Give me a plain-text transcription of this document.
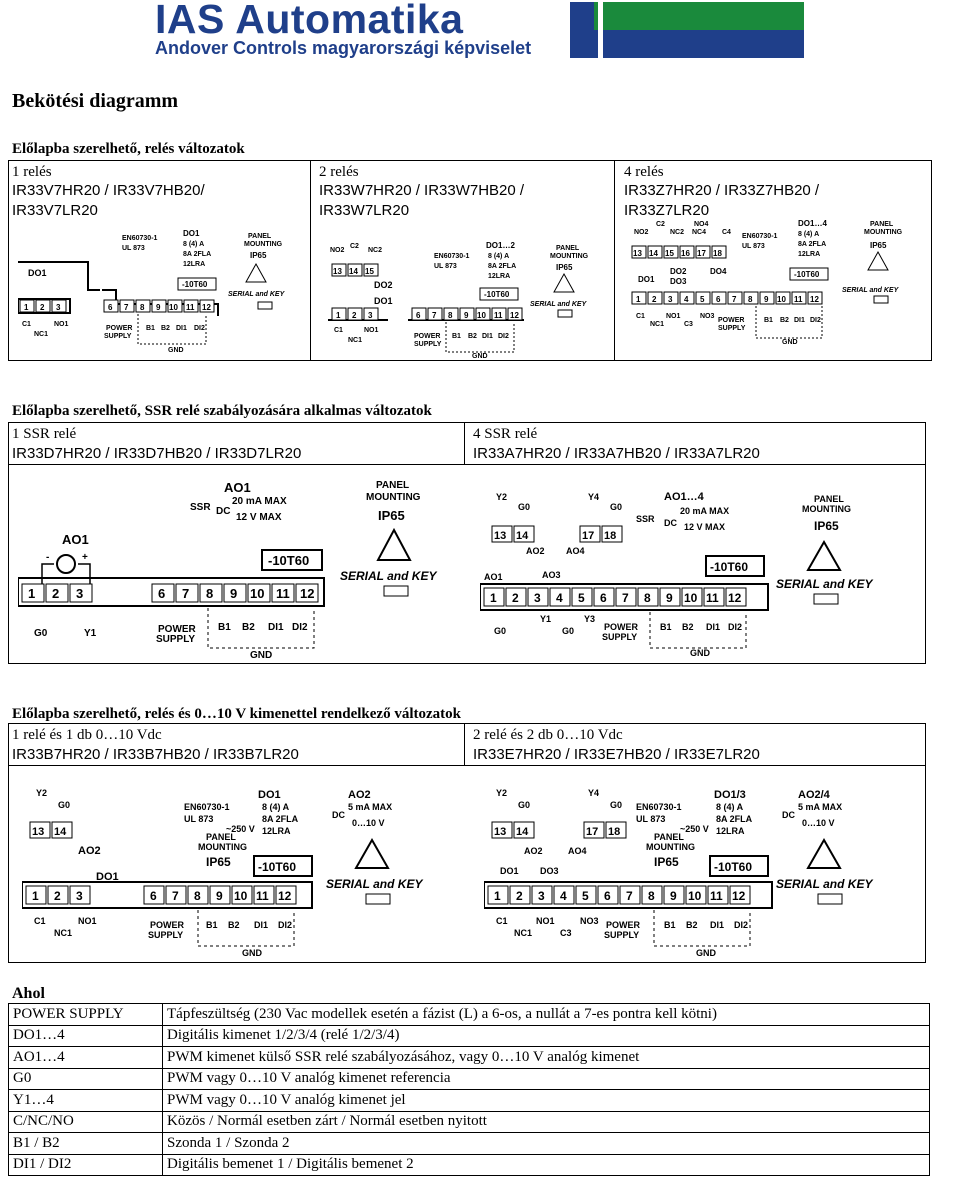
IAS Automatika
Andover Controls magyarországi képviselet
Bekötési diagramm
Előlapba szerelhető, relés változatok
1 relés
IR33V7HR20 / IR33V7HB20/
IR33V7LR20
2 relés
IR33W7HR20 / IR33W7HB20 /
IR33W7LR20
4 relés
IR33Z7HR20 / IR33Z7HB20 /
IR33Z7LR20
DO1
EN60730-1
UL 873
DO1
8 (4) A
8A 2FLA
12LRA
-10T60
PANEL
MOUNTING
IP65
SERIAL and KEY
1 2 3	6 7 8 9 10 11 12
C1
NC1
NO1
POWER
SUPPLY
B1 B2 DI1 DI2
GND
NO2
C2
NC2
13 14 15
DO2
DO1
EN60730-1
UL 873
DO1…2
8 (4) A
8A 2FLA
12LRA
-10T60
PANEL
MOUNTING
IP65
SERIAL and KEY
1 2 3	6 7 8 9 10 11 12
C1
NC1
NO1
POWER
SUPPLY
B1 B2 DI1 DI2
GND
NO2
C2
NC2
NO4
NC4 C4
DO1…4
EN60730-1
UL 873
8 (4) A
8A 2FLA
12LRA
13 14 15 16 17 18
DO1
DO2
DO3
DO4	-10T60
PANEL
MOUNTING
IP65
SERIAL and KEY
1 2 3 4 5 6 7 8 9 10 11 12
C1
NC1
NO1
C3
NO3
POWER
SUPPLY
B1 B2 DI1 DI2
GND
Előlapba szerelhető, SSR relé szabályozására alkalmas változatok
1 SSR relé
IR33D7HR20 / IR33D7HB20 / IR33D7LR20
4 SSR relé
IR33A7HR20 / IR33A7HB20 / IR33A7LR20
AO1
-	+
AO1
SSR DC
20 mA MAX
12 V MAX
PANEL
MOUNTING
IP65
SERIAL and KEY
-10T60
1 2 3	6 7 8 9 10 11 12
G0	Y1	POWER
SUPPLY
B1 B2 DI1 DI2
GND
Y2
G0
Y4
G0
13 14	17 18
AO2 AO4
AO1	AO3
AO1…4
SSR DC
20 mA MAX
12 V MAX
PANEL
MOUNTING
IP65
SERIAL and KEY
-10T60
1 2 3 4 5 6 7 8 9 10 11 12
G0
Y1
G0
Y3
POWER
SUPPLY
B1 B2 DI1 DI2
GND
Előlapba szerelhető, relés és 0…10 V kimenettel rendelkező változatok
1 relé és 1 db 0…10 Vdc
IR33B7HR20 / IR33B7HB20 / IR33B7LR20
2 relé és 2 db 0…10 Vdc
IR33E7HR20 / IR33E7HB20 / IR33E7LR20
Y2
G0
13 14
AO2
DO1
EN60730-1
UL 873
~250 V
DO1
8 (4) A
8A 2FLA
12LRA
AO2
5 mA MAX
DC
0…10 V
PANEL
MOUNTING
IP65 -10T60
SERIAL and KEY
1 2 3	6 7 8 9 10 11 12
C1
NC1
NO1	POWER
SUPPLY
B1 B2 DI1 DI2
GND
Y2
G0
Y4
G0
13 14	17 18
AO2	AO4
DO1 DO3
EN60730-1
UL 873
~250 V
DO1/3
8 (4) A
8A 2FLA
12LRA
AO2/4
5 mA MAX
DC
0…10 V
PANEL
MOUNTING
IP65	-10T60
SERIAL and KEY
1 2 3 4 5 6 7 8 9 10 11 12
C1
NC1
NO1
C3
NO3 POWER
SUPPLY
B1 B2 DI1 DI2
GND
Ahol
POWER SUPPLY	Tápfeszültség (230 Vac modellek esetén a fázist (L) a 6-os, a nullát a 7-es pontra kell kötni)
DO1…4	Digitális kimenet 1/2/3/4 (relé 1/2/3/4)
AO1…4	PWM kimenet külső SSR relé szabályozásához, vagy 0…10 V analóg kimenet
G0	PWM vagy 0…10 V analóg kimenet referencia
Y1…4	PWM vagy 0…10 V analóg kimenet jel
C/NC/NO	Közös / Normál esetben zárt / Normál esetben nyitott
B1 / B2	Szonda 1 / Szonda 2
DI1 / DI2	Digitális bemenet 1 / Digitális bemenet 2
